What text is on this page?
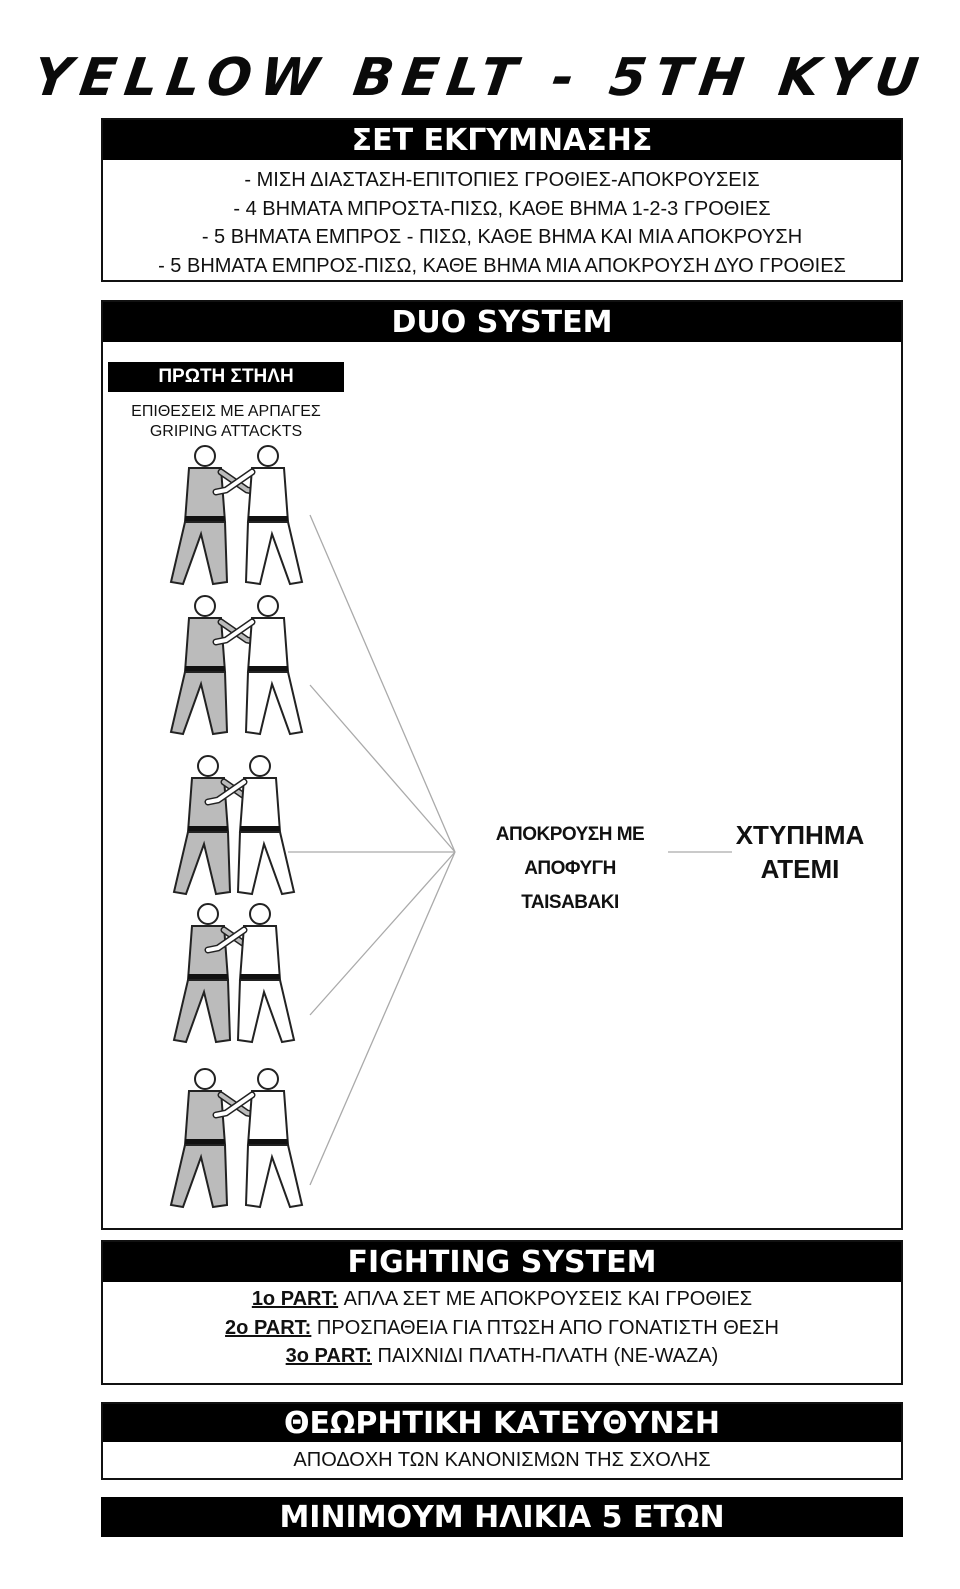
YELLOW BELT - 5TH KYU
ΣΕΤ ΕΚΓΥΜΝΑΣΗΣ
- ΜΙΣΗ ΔΙΑΣΤΑΣΗ-ΕΠΙΤΟΠΙΕΣ ΓΡΟΘΙΕΣ-ΑΠΟΚΡΟΥΣΕΙΣ
- 4 ΒΗΜΑΤΑ ΜΠΡΟΣΤΑ-ΠΙΣΩ, ΚΑΘΕ ΒΗΜΑ 1-2-3 ΓΡΟΘΙΕΣ
- 5 ΒΗΜΑΤΑ ΕΜΠΡΟΣ - ΠΙΣΩ, ΚΑΘΕ ΒΗΜΑ ΚΑΙ ΜΙΑ ΑΠΟΚΡΟΥΣΗ
- 5 ΒΗΜΑΤΑ ΕΜΠΡΟΣ-ΠΙΣΩ, ΚΑΘΕ ΒΗΜΑ ΜΙΑ ΑΠΟΚΡΟΥΣΗ ΔΥΟ ΓΡΟΘΙΕΣ
DUO SYSTEM
ΠΡΩΤΗ ΣΤΗΛΗ
ΕΠΙΘΕΣΕΙΣ ΜΕ ΑΡΠΑΓΕΣ
GRIPING ATTACKTS
ΑΠΟΚΡΟΥΣΗ ΜΕ ΑΠΟΦΥΓΗ
TAISABAKI
ΧΤΥΠΗΜΑ
ΑΤΕΜΙ
FIGHTING SYSTEM
1o PART: ΑΠΛΑ ΣΕΤ ΜΕ ΑΠΟΚΡΟΥΣΕΙΣ ΚΑΙ ΓΡΟΘΙΕΣ
2o PART: ΠΡΟΣΠΑΘΕΙΑ ΓΙΑ ΠΤΩΣΗ ΑΠΟ ΓΟΝΑΤΙΣΤΗ ΘΕΣΗ
3o PART: ΠΑΙΧΝΙΔΙ ΠΛΑΤΗ-ΠΛΑΤΗ (NE-WAZA)
ΘΕΩΡΗΤΙΚΗ ΚΑΤΕΥΘΥΝΣΗ
ΑΠΟΔΟΧΗ ΤΩΝ ΚΑΝΟΝΙΣΜΩΝ ΤΗΣ ΣΧΟΛΗΣ
ΜΙΝΙΜΟΥΜ ΗΛΙΚΙΑ 5 ΕΤΩΝ
